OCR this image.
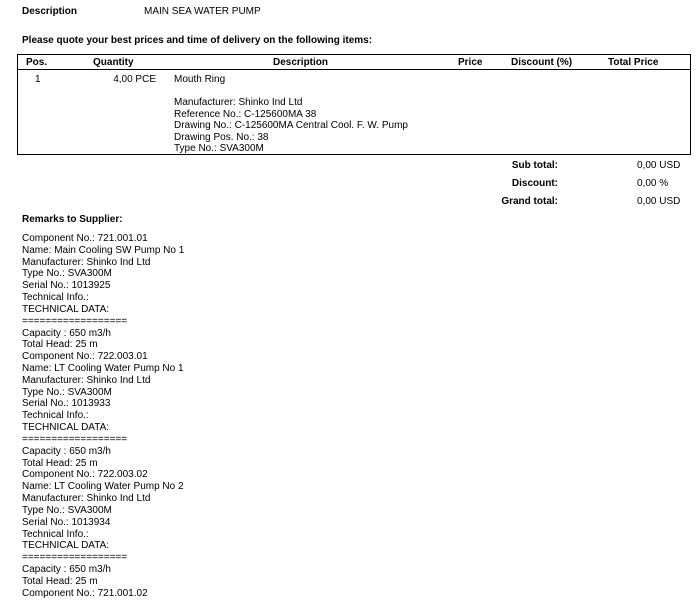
Description	MAIN SEA WATER PUMP
Please quote your best prices and time of delivery on the following items:
Pos.	Quantity	Description	Price	Discount (%)	Total Price
1	4,00 PCE Mouth Ring
Manufacturer: Shinko Ind Ltd
Reference No.: C-125600MA 38
Drawing No.: C-125600MA Central Cool. F. W. Pump
Drawing Pos. No.: 38
Type No.: SVA300M
Sub total:	0,00 USD
Discount:	0,00 %
Grand total:	0,00 USD
Remarks to Supplier:
Component No.: 721.001.01
Name: Main Cooling SW Pump No 1
Manufacturer: Shinko Ind Ltd
Type No.: SVA300M
Serial No.: 1013925
Technical Info.:
TECHNICAL DATA:
==================
Capacity : 650 m3/h
Total Head: 25 m
Component No.: 722.003.01
Name: LT Cooling Water Pump No 1
Manufacturer: Shinko Ind Ltd
Type No.: SVA300M
Serial No.: 1013933
Technical Info.:
TECHNICAL DATA:
==================
Capacity : 650 m3/h
Total Head: 25 m
Component No.: 722.003.02
Name: LT Cooling Water Pump No 2
Manufacturer: Shinko Ind Ltd
Type No.: SVA300M
Serial No.: 1013934
Technical Info.:
TECHNICAL DATA:
==================
Capacity : 650 m3/h
Total Head: 25 m
Component No.: 721.001.02
